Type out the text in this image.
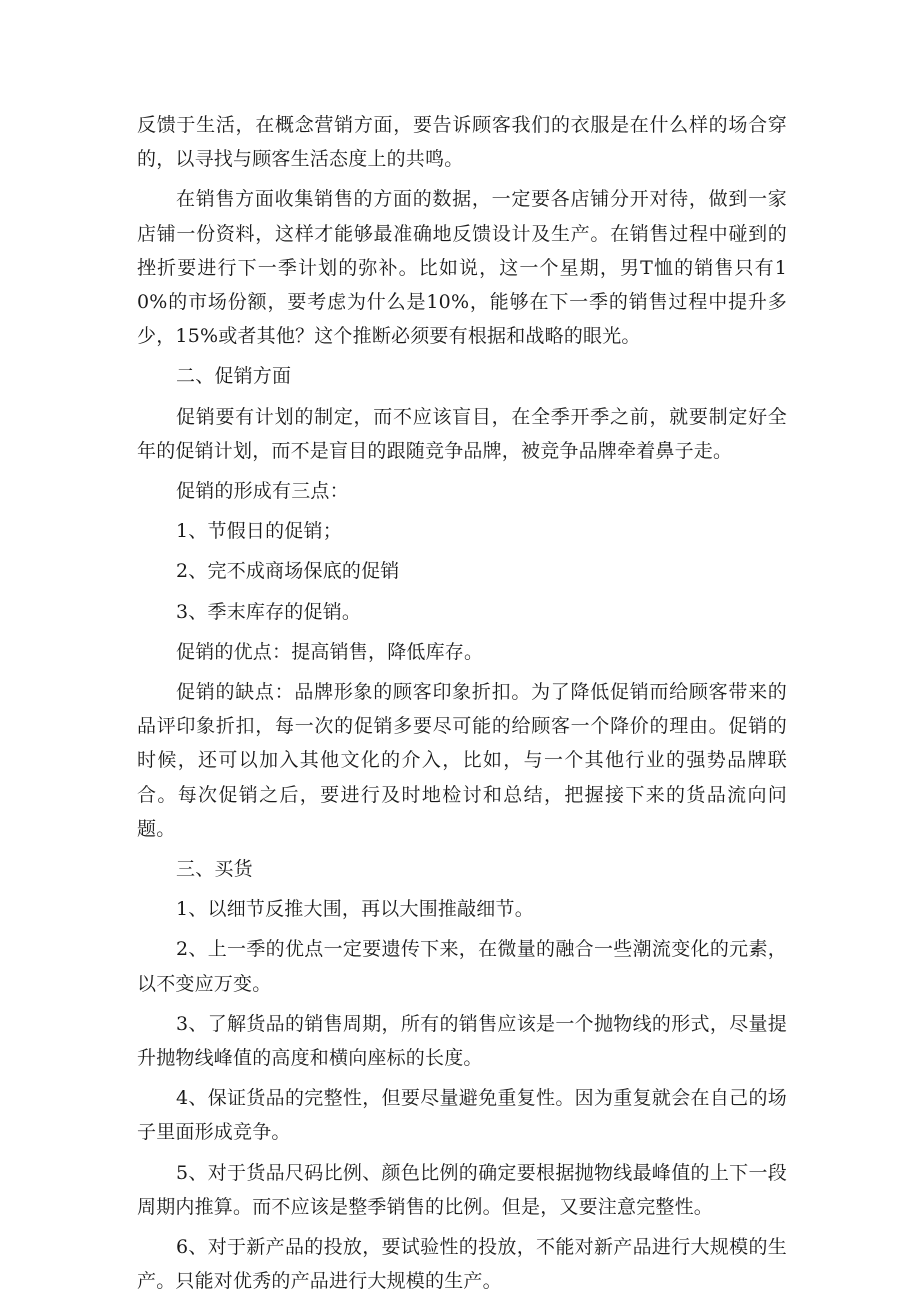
反馈于生活，在概念营销方面，要告诉顾客我们的衣服是在什么样的场合穿的，以寻找与顾客生活态度上的共鸣。

在销售方面收集销售的方面的数据，一定要各店铺分开对待，做到一家店铺一份资料，这样才能够最准确地反馈设计及生产。在销售过程中碰到的挫折要进行下一季计划的弥补。比如说，这一个星期，男T恤的销售只有10%的市场份额，要考虑为什么是10%，能够在下一季的销售过程中提升多少，15%或者其他？这个推断必须要有根据和战略的眼光。

二、促销方面

促销要有计划的制定，而不应该盲目，在全季开季之前，就要制定好全年的促销计划，而不是盲目的跟随竞争品牌，被竞争品牌牵着鼻子走。

促销的形成有三点：

1、节假日的促销；

2、完不成商场保底的促销

3、季末库存的促销。

促销的优点：提高销售，降低库存。

促销的缺点：品牌形象的顾客印象折扣。为了降低促销而给顾客带来的品评印象折扣，每一次的促销多要尽可能的给顾客一个降价的理由。促销的时候，还可以加入其他文化的介入，比如，与一个其他行业的强势品牌联合。每次促销之后，要进行及时地检讨和总结，把握接下来的货品流向问题。

三、买货

1、以细节反推大围，再以大围推敲细节。

2、上一季的优点一定要遗传下来，在微量的融合一些潮流变化的元素，以不变应万变。

3、了解货品的销售周期，所有的销售应该是一个抛物线的形式，尽量提升抛物线峰值的高度和横向座标的长度。

4、保证货品的完整性，但要尽量避免重复性。因为重复就会在自己的场子里面形成竞争。

5、对于货品尺码比例、颜色比例的确定要根据抛物线最峰值的上下一段周期内推算。而不应该是整季销售的比例。但是，又要注意完整性。

6、对于新产品的投放，要试验性的投放，不能对新产品进行大规模的生产。只能对优秀的产品进行大规模的生产。
